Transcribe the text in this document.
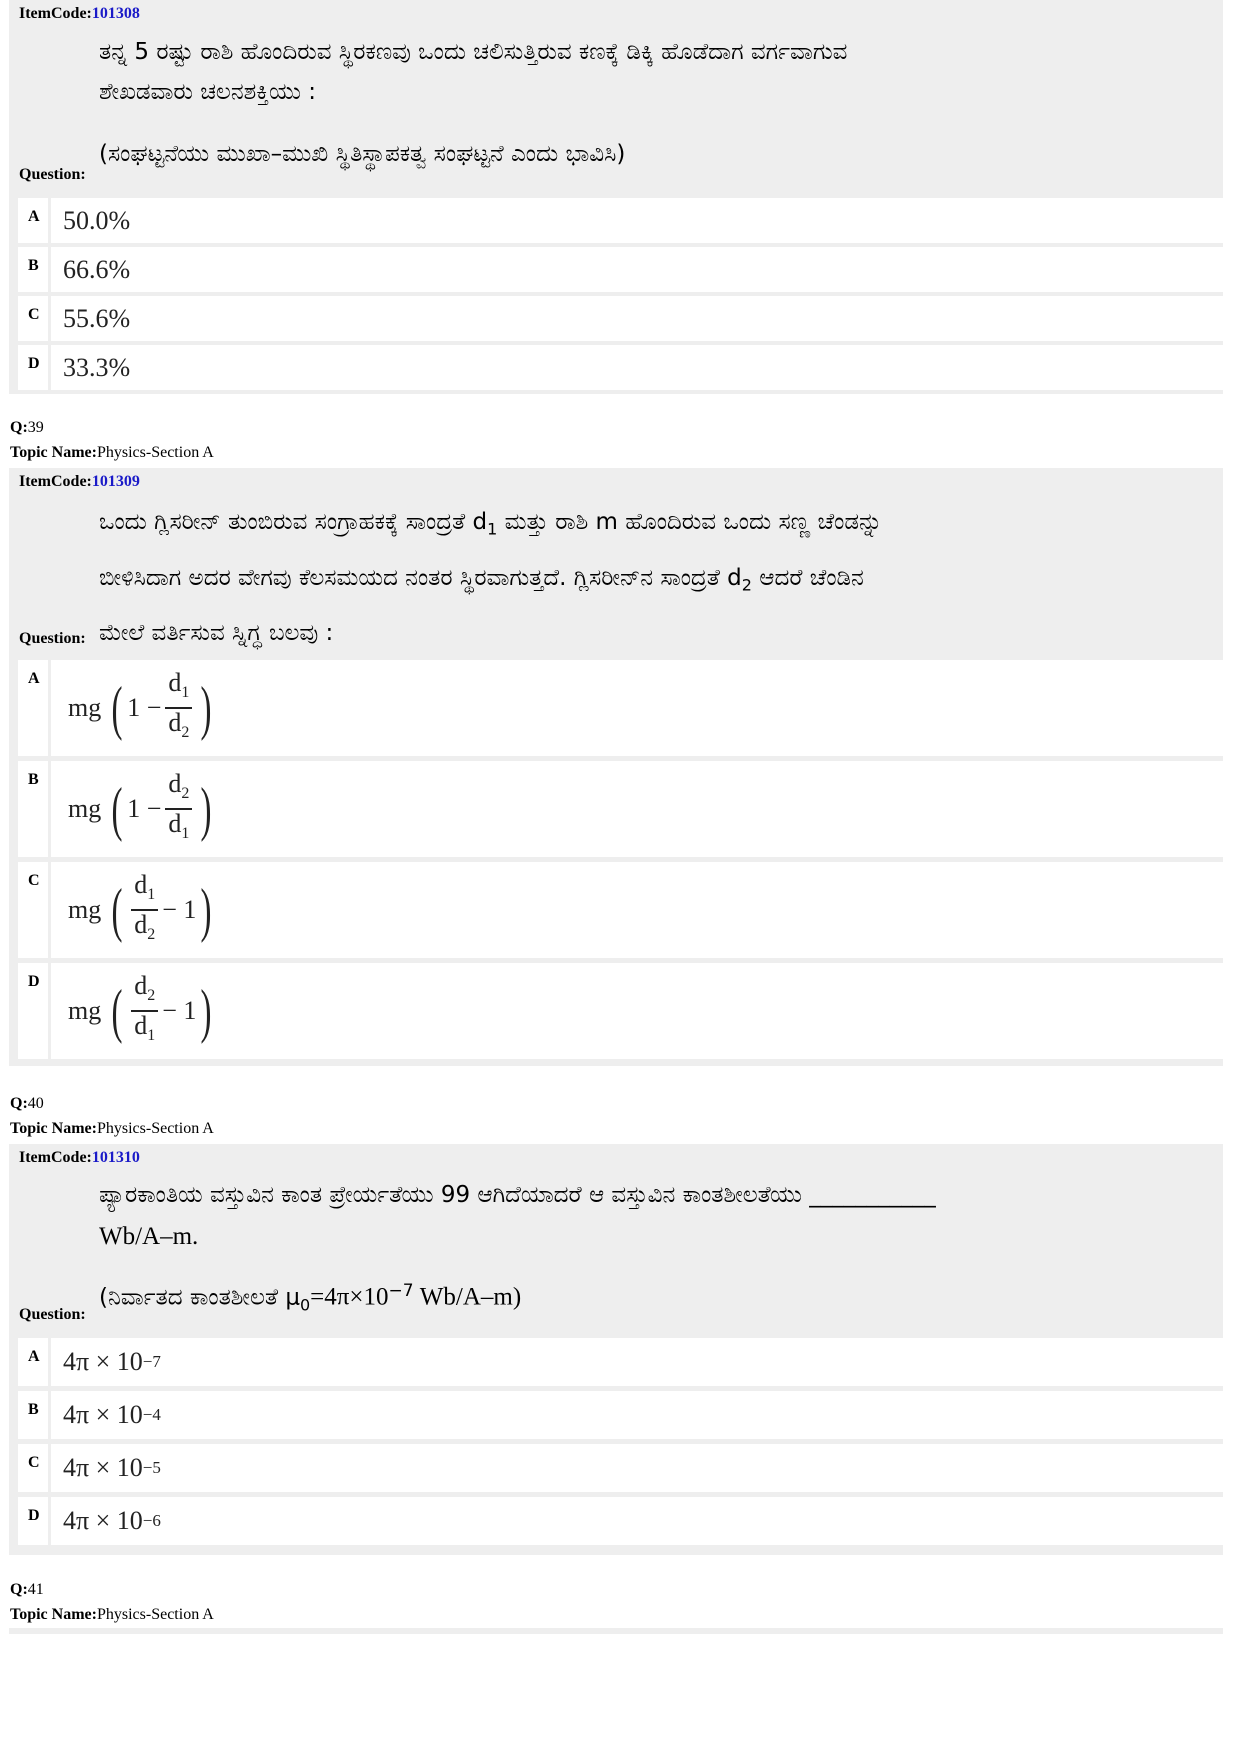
ItemCode:101308

ತನ್ನ 5 ರಷ್ಟು ರಾಶಿ ಹೊಂದಿರುವ ಸ್ಥಿರಕಣವು ಒಂದು ಚಲಿಸುತ್ತಿರುವ ಕಣಕ್ಕೆ ಡಿಕ್ಕಿ ಹೊಡೆದಾಗ ವರ್ಗವಾಗುವ

ಶೇಖಡವಾರು ಚಲನಶಕ್ತಿಯು :

(ಸಂಘಟ್ಟನೆಯು ಮುಖಾ–ಮುಖಿ ಸ್ಥಿತಿಸ್ಥಾಪಕತ್ವ ಸಂಘಟ್ಟನೆ ಎಂದು ಭಾವಿಸಿ)

Question:
A 50.0%
B 66.6%
C 55.6%
D 33.3%
Q:39
Topic Name:Physics-Section A
ItemCode:101309

ಒಂದು ಗ್ಲಿಸರೀನ್ ತುಂಬಿರುವ ಸಂಗ್ರಾಹಕಕ್ಕೆ ಸಾಂದ್ರತೆ $d_1$ ಮತ್ತು ರಾಶಿ m ಹೊಂದಿರುವ ಒಂದು ಸಣ್ಣ ಚೆಂಡನ್ನು

ಬೀಳಿಸಿದಾಗ ಅದರ ವೇಗವು ಕೆಲಸಮಯದ ನಂತರ ಸ್ಥಿರವಾಗುತ್ತದೆ. ಗ್ಲಿಸರೀನ್‌ನ ಸಾಂದ್ರತೆ $d_2$ ಆದರೆ ಚೆಂಡಿನ

ಮೇಲೆ ವರ್ತಿಸುವ ಸ್ನಿಗ್ಧ ಬಲವು :

Question:
A
mg ( 1
− $\frac{d_1}{d_2}$ )
B
mg ( 1
− $\frac{d_2}{d_1}$ )
C
mg ( $\frac{d_1}{d_2}$ −
1 )
D
mg ( $\frac{d_2}{d_1}$ −
1 )
Q:40
Topic Name:Physics-Section A
ItemCode:101310

ಪ್ಯಾರಕಾಂತಿಯ ವಸ್ತುವಿನ ಕಾಂತ ಪ್ರೇರ್ಯತೆಯು 99 ಆಗಿದೆಯಾದರೆ ಆ ವಸ್ತುವಿನ ಕಾಂತಶೀಲತೆಯು ___________

Wb/A–m.

(ನಿರ್ವಾತದ ಕಾಂತಶೀಲತೆ $\mu_0=4\pi\times 10^{-7}$ Wb/A–m)

Question:
A 4π × 10 −7
B 4π × 10 −4
C 4π × 10 −5
D 4π × 10 −6
Q:41
Topic Name:Physics-Section A
